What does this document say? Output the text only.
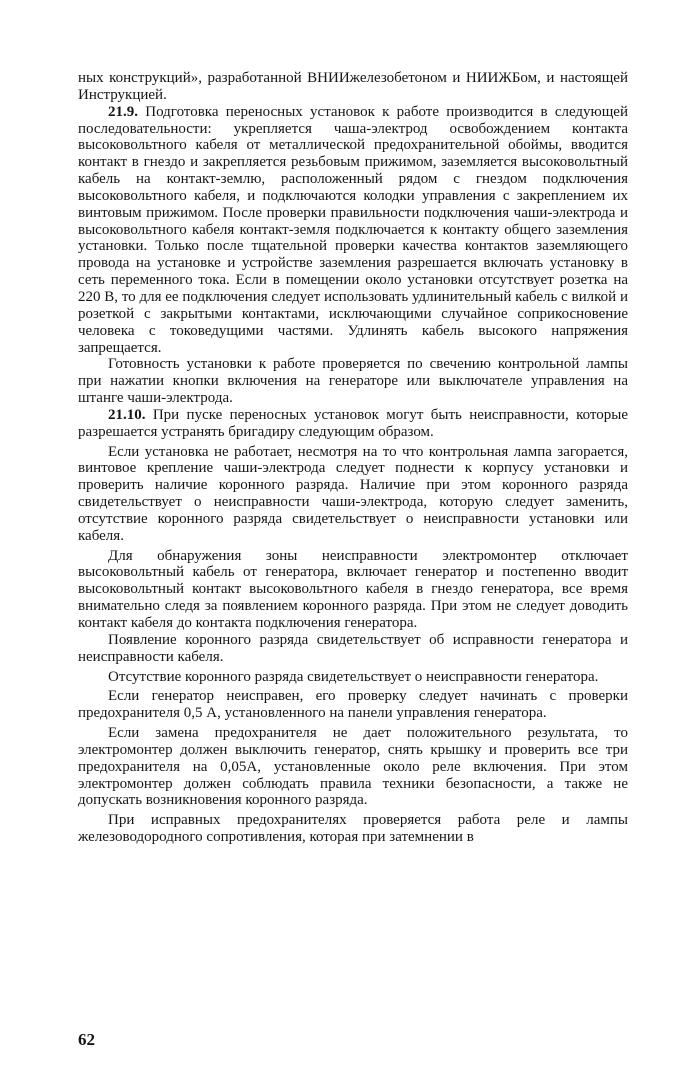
ных конструкций», разработанной ВНИИжелезобетоном и НИИЖБом, и настоящей Инструкцией.

21.9. Подготовка переносных установок к работе производится в следующей последовательности: укрепляется чаша-электрод освобождением контакта высоковольтного кабеля от металлической предохранительной обоймы, вводится контакт в гнездо и закрепляется резьбовым прижимом, заземляется высоковольтный кабель на контакт-землю, расположенный рядом с гнездом подключения высоковольтного кабеля, и подключаются колодки управления с закреплением их винтовым прижимом. После проверки правильности подключения чаши-электрода и высоковольтного кабеля контакт-земля подключается к контакту общего заземления установки. Только после тщательной проверки качества контактов заземляющего провода на установке и устройстве заземления разрешается включать установку в сеть переменного тока. Если в помещении около установки отсутствует розетка на 220 В, то для ее подключения следует использовать удлинительный кабель с вилкой и розеткой с закрытыми контактами, исключающими случайное соприкосновение человека с токоведущими частями. Удлинять кабель высокого напряжения запрещается.

Готовность установки к работе проверяется по свечению контрольной лампы при нажатии кнопки включения на генераторе или выключателе управления на штанге чаши-электрода.

21.10. При пуске переносных установок могут быть неисправности, которые разрешается устранять бригадиру следующим образом.

Если установка не работает, несмотря на то что контрольная лампа загорается, винтовое крепление чаши-электрода следует поднести к корпусу установки и проверить наличие коронного разряда. Наличие при этом коронного разряда свидетельствует о неисправности чаши-электрода, которую следует заменить, отсутствие коронного разряда свидетельствует о неисправности установки или кабеля.

Для обнаружения зоны неисправности электромонтер отключает высоковольтный кабель от генератора, включает генератор и постепенно вводит высоковольтный контакт высоковольтного кабеля в гнездо генератора, все время внимательно следя за появлением коронного разряда. При этом не следует доводить контакт кабеля до контакта подключения генератора.

Появление коронного разряда свидетельствует об исправности генератора и неисправности кабеля.

Отсутствие коронного разряда свидетельствует о неисправности генератора.

Если генератор неисправен, его проверку следует начинать с проверки предохранителя 0,5 А, установленного на панели управления генератора.

Если замена предохранителя не дает положительного результата, то электромонтер должен выключить генератор, снять крышку и проверить все три предохранителя на 0,05А, установленные около реле включения. При этом электромонтер должен соблюдать правила техники безопасности, а также не допускать возникновения коронного разряда.

При исправных предохранителях проверяется работа реле и лампы железоводородного сопротивления, которая при затемнении в

62
